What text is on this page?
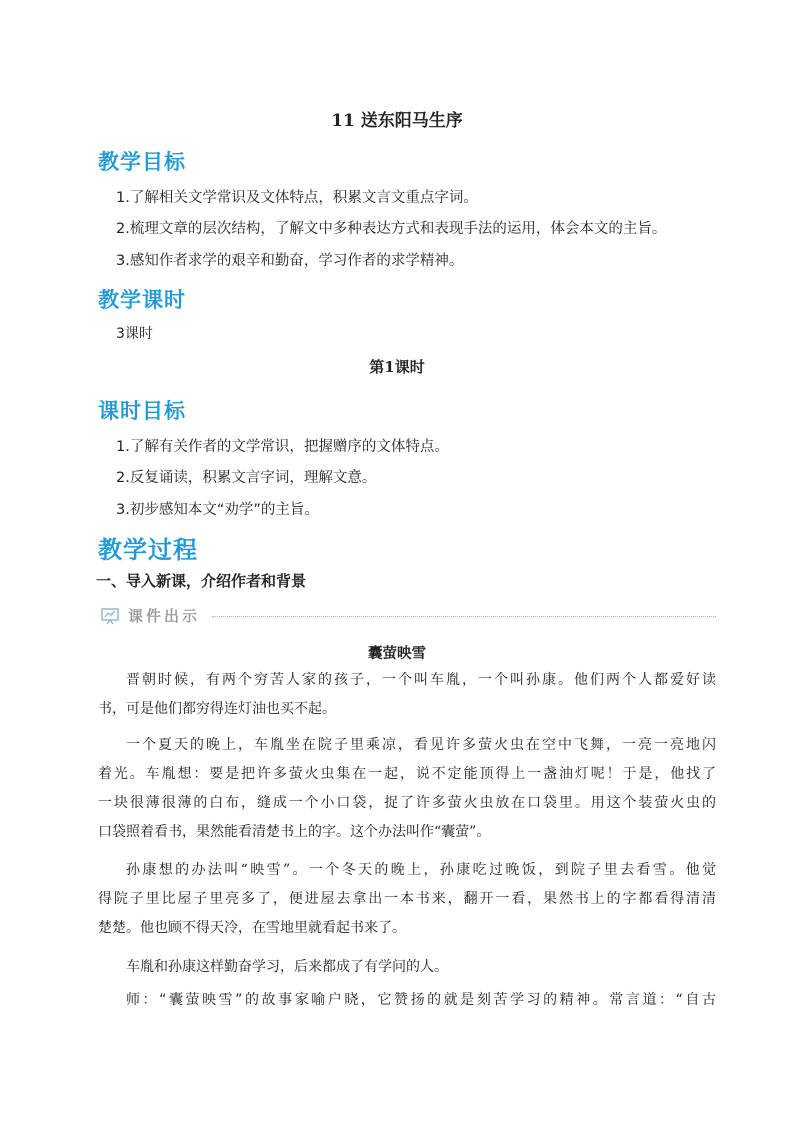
11 送东阳马生序
教学目标
1.了解相关文学常识及文体特点，积累文言文重点字词。
2.梳理文章的层次结构，了解文中多种表达方式和表现手法的运用，体会本文的主旨。
3.感知作者求学的艰辛和勤奋，学习作者的求学精神。
教学课时
3课时
第1课时
课时目标
1.了解有关作者的文学常识，把握赠序的文体特点。
2.反复诵读，积累文言字词，理解文意。
3.初步感知本文“劝学”的主旨。
教学过程
一、导入新课，介绍作者和背景
课件出示
囊萤映雪
晋朝时候，有两个穷苦人家的孩子，一个叫车胤，一个叫孙康。他们两个人都爱好读
书，可是他们都穷得连灯油也买不起。
一个夏天的晚上，车胤坐在院子里乘凉，看见许多萤火虫在空中飞舞，一亮一亮地闪
着光。车胤想：要是把许多萤火虫集在一起，说不定能顶得上一盏油灯呢！于是，他找了
一块很薄很薄的白布，缝成一个小口袋，捉了许多萤火虫放在口袋里。用这个装萤火虫的
口袋照着看书，果然能看清楚书上的字。这个办法叫作“囊萤”。
孙康想的办法叫“映雪”。一个冬天的晚上，孙康吃过晚饭，到院子里去看雪。他觉
得院子里比屋子里亮多了，便进屋去拿出一本书来，翻开一看，果然书上的字都看得清清
楚楚。他也顾不得天冷，在雪地里就看起书来了。
车胤和孙康这样勤奋学习，后来都成了有学问的人。
师：“囊萤映雪”的故事家喻户晓，它赞扬的就是刻苦学习的精神。常言道：“自古
